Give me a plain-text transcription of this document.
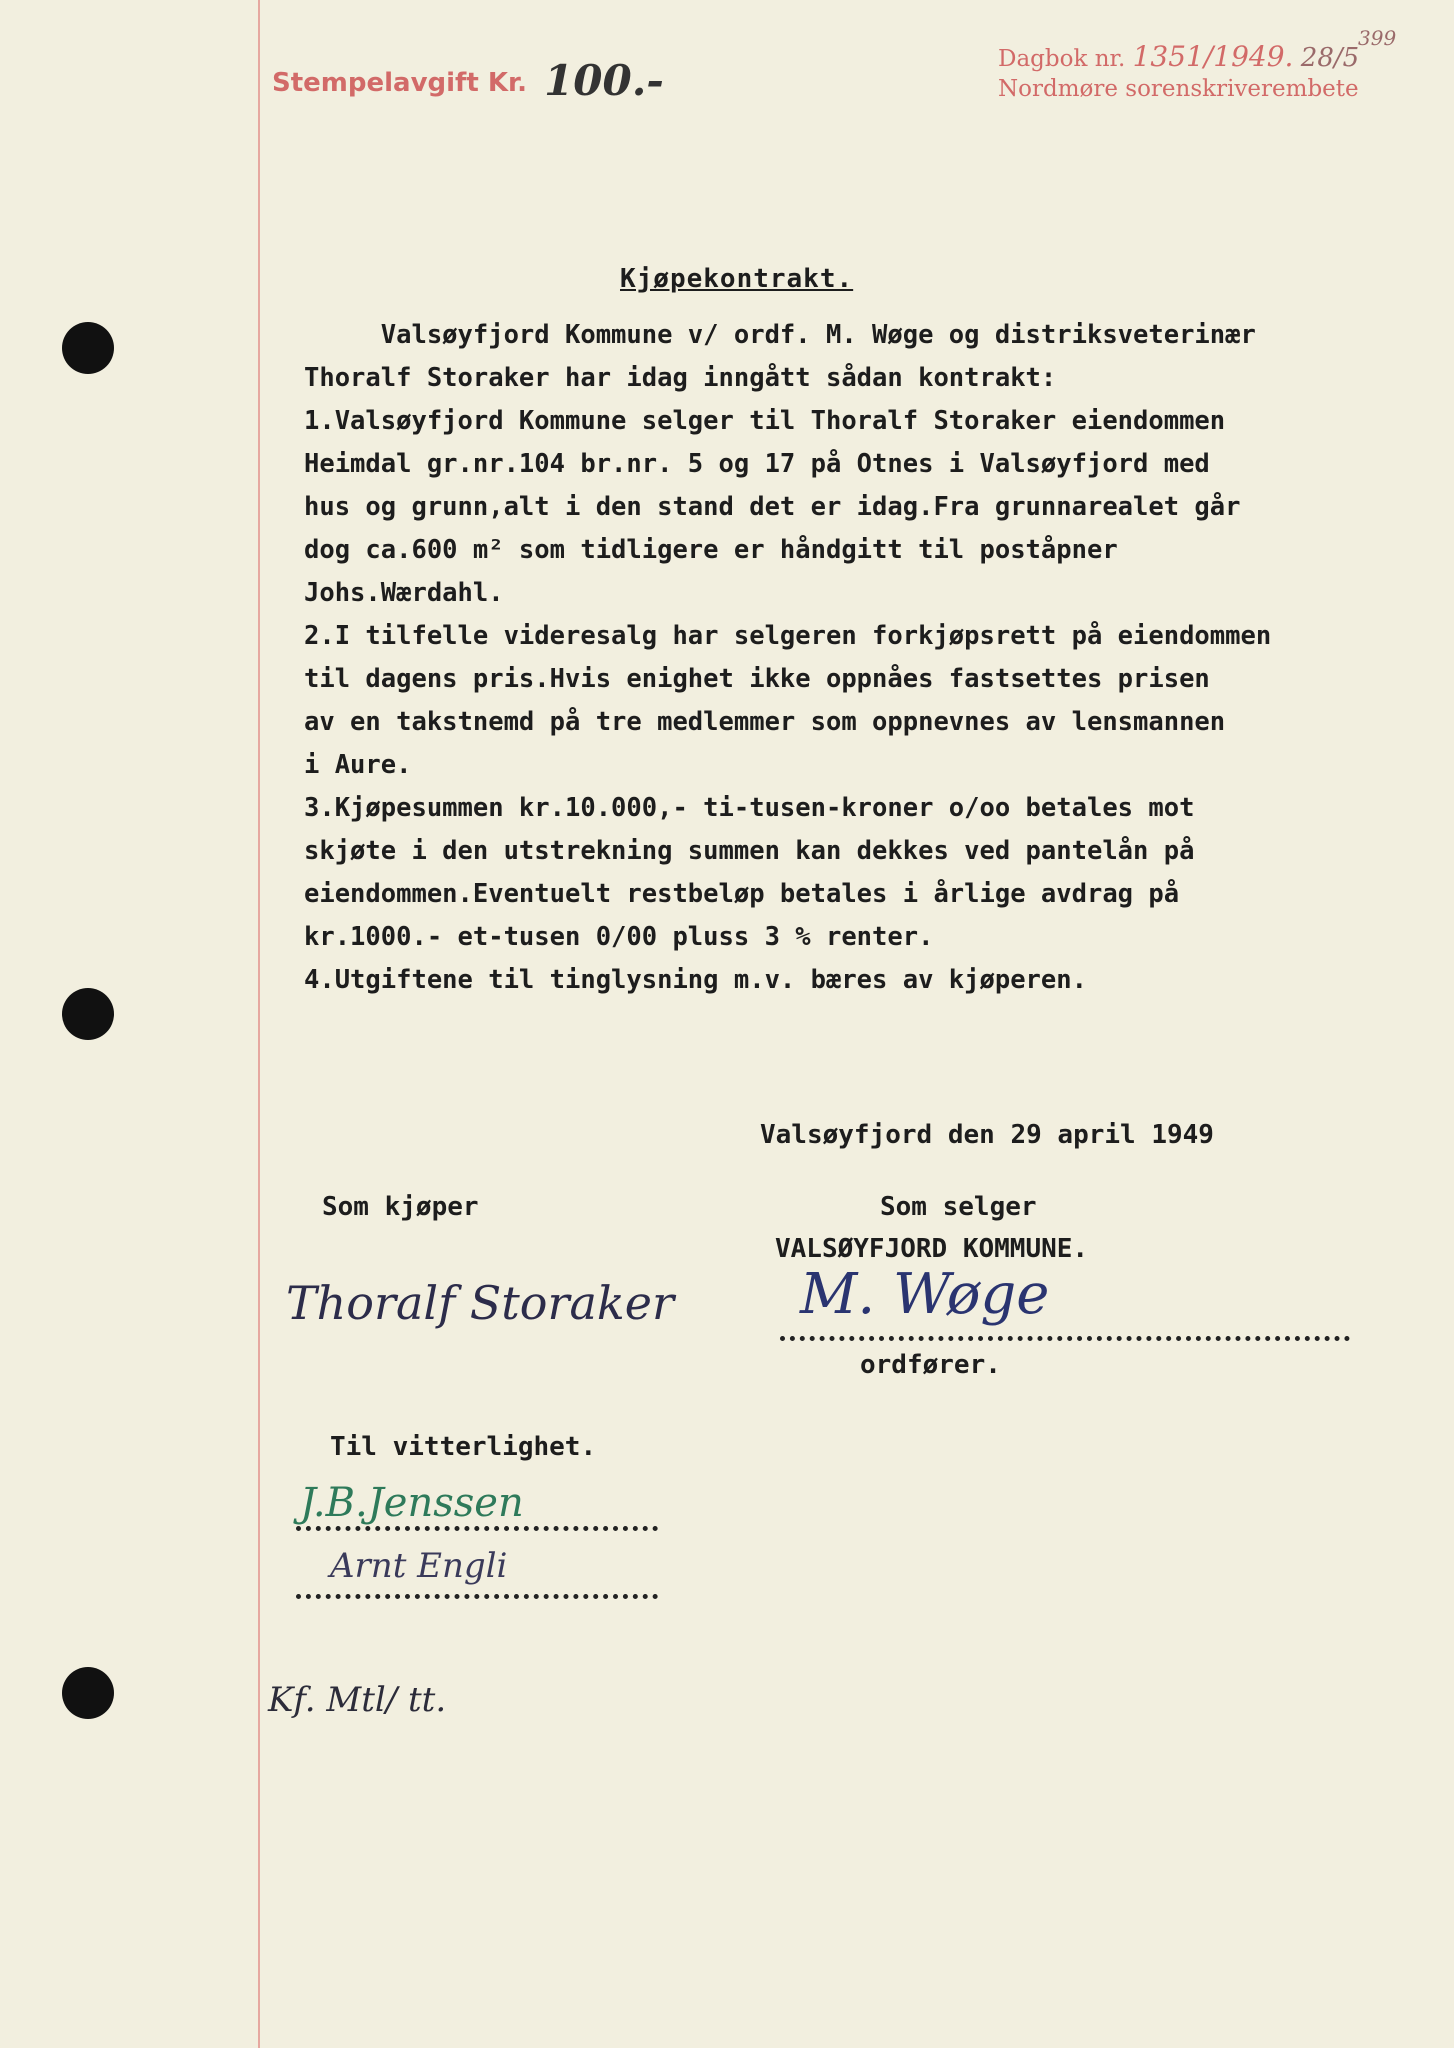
Stempelavgift Kr. 100.-	Dagbok nr. 1351/1949. 28/5
399
Nordmøre sorenskriverembete
Kjøpekontrakt.
Valsøyfjord Kommune v/ ordf. M. Wøge og distriksveterinær
Thoralf Storaker har idag inngått sådan kontrakt:
1.Valsøyfjord Kommune selger til Thoralf Storaker eiendommen
Heimdal gr.nr.104 br.nr. 5 og 17 på Otnes i Valsøyfjord med
hus og grunn,alt i den stand det er idag.Fra grunnarealet går
dog ca.600 m² som tidligere er håndgitt til poståpner
Johs.Wærdahl.
2.I tilfelle videresalg har selgeren forkjøpsrett på eiendommen
til dagens pris.Hvis enighet ikke oppnåes fastsettes prisen
av en takstnemd på tre medlemmer som oppnevnes av lensmannen
i Aure.
3.Kjøpesummen kr.10.000,- ti-tusen-kroner o/oo betales mot
skjøte i den utstrekning summen kan dekkes ved pantelån på
eiendommen.Eventuelt restbeløp betales i årlige avdrag på
kr.1000.- et-tusen 0/00 pluss 3 % renter.
4.Utgiftene til tinglysning m.v. bæres av kjøperen.
Valsøyfjord den 29 april 1949
Som kjøper	Som selger
VALSØYFJORD KOMMUNE.
Thoralf Storaker M. Wøge
ordfører.
Til vitterlighet.
J.B.Jenssen
Arnt Engli
Kf. Mtl/ tt.
